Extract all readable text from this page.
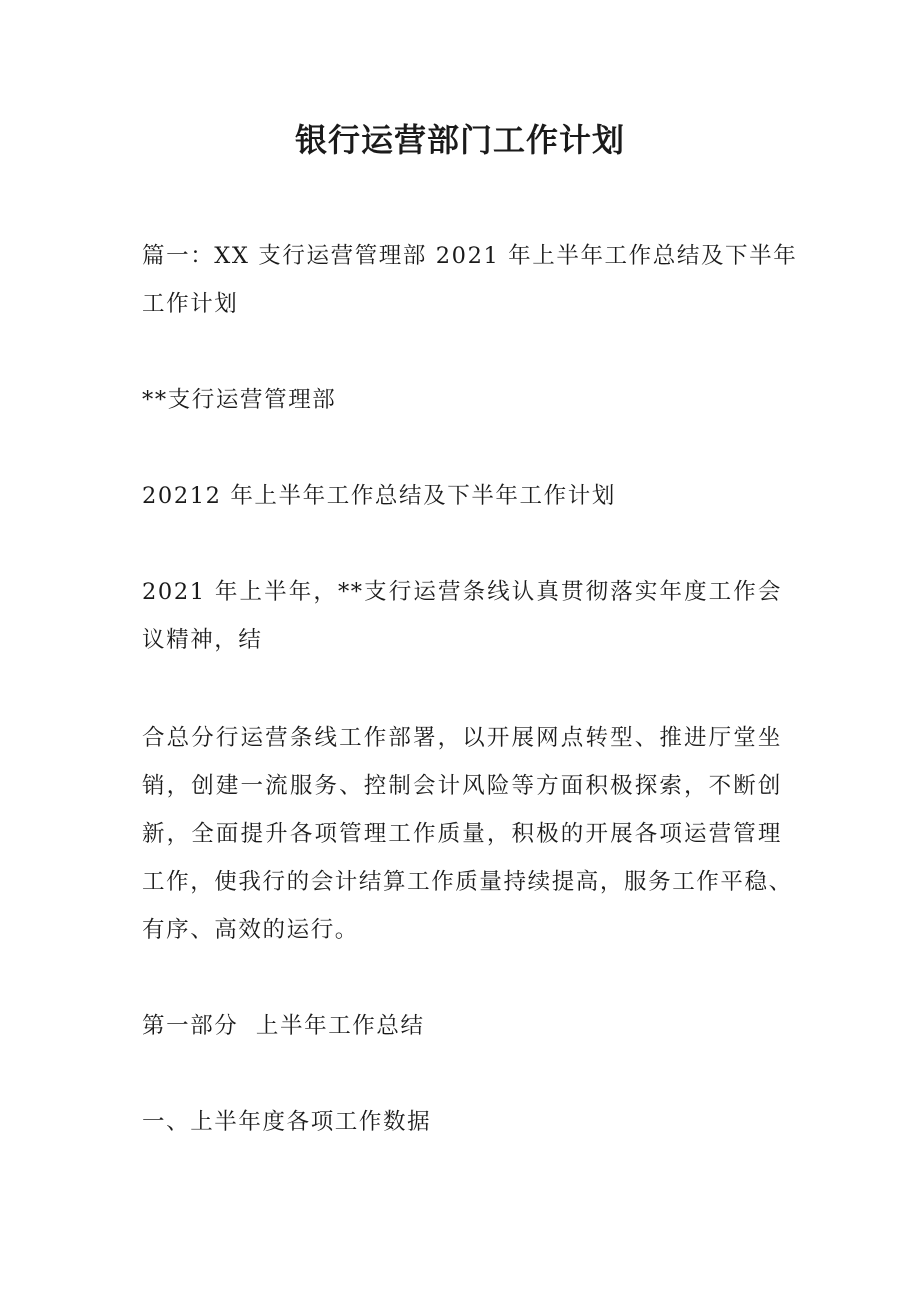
银行运营部门工作计划

篇一：XX 支行运营管理部 2021 年上半年工作总结及下半年
工作计划

**支行运营管理部

20212 年上半年工作总结及下半年工作计划

2021 年上半年，**支行运营条线认真贯彻落实年度工作会
议精神，结

合总分行运营条线工作部署，以开展网点转型、推进厅堂坐
销，创建一流服务、控制会计风险等方面积极探索，不断创
新，全面提升各项管理工作质量，积极的开展各项运营管理
工作，使我行的会计结算工作质量持续提高，服务工作平稳、
有序、高效的运行。

第一部分  上半年工作总结

一、上半年度各项工作数据
